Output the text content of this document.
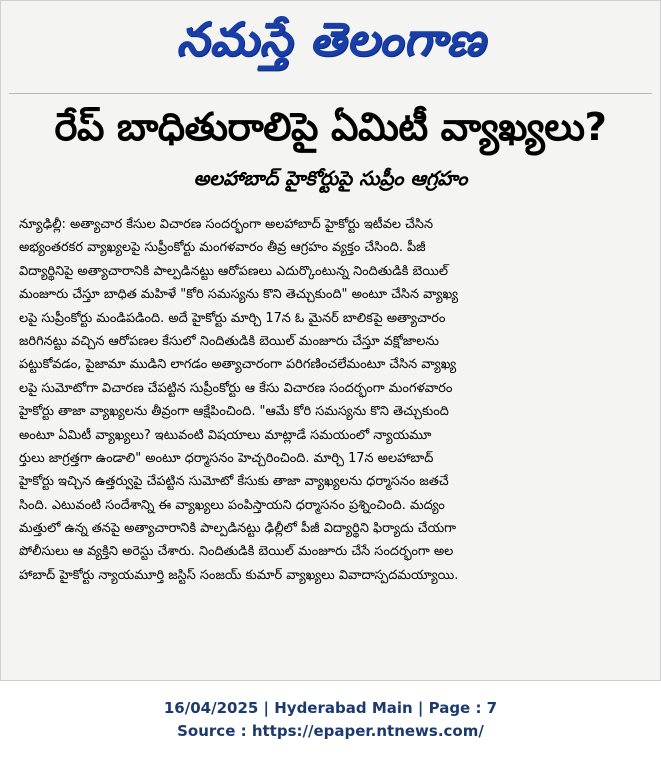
నమస్తే తెలంగాణ
రేప్ బాధితురాలిపై ఏమిటీ వ్యాఖ్యలు?
అలహాబాద్ హైకోర్టుపై సుప్రీం ఆగ్రహం
న్యూఢిల్లీ: అత్యాచార కేసుల విచారణ సందర్భంగా అలహాబాద్ హైకోర్టు ఇటీవల చేసిన
అభ్యంతరకర వ్యాఖ్యలపై సుప్రీంకోర్టు మంగళవారం తీవ్ర ఆగ్రహం వ్యక్తం చేసింది. పీజీ
విద్యార్థినిపై అత్యాచారానికి పాల్పడినట్టు ఆరోపణలు ఎదుర్కొంటున్న నిందితుడికి బెయిల్
మంజూరు చేస్తూ బాధిత మహిళే "కోరి సమస్యను కొని తెచ్చుకుంది" అంటూ చేసిన వ్యాఖ్య
లపై సుప్రీంకోర్టు మండిపడింది. అదే హైకోర్టు మార్చి 17న ఓ మైనర్ బాలికపై అత్యాచారం
జరిగినట్టు వచ్చిన ఆరోపణల కేసులో నిందితుడికి బెయిల్ మంజూరు చేస్తూ వక్షోజాలను
పట్టుకోవడం, పైజామా ముడిని లాగడం అత్యాచారంగా పరిగణించలేమంటూ చేసిన వ్యాఖ్య
లపై సుమోటోగా విచారణ చేపట్టిన సుప్రీంకోర్టు ఆ కేసు విచారణ సందర్భంగా మంగళవారం
హైకోర్టు తాజా వ్యాఖ్యలను తీవ్రంగా ఆక్షేపించింది. "ఆమే కోరి సమస్యను కొని తెచ్చుకుంది
అంటూ ఏమిటీ వ్యాఖ్యలు? ఇటువంటి విషయాలు మాట్లాడే సమయంలో న్యాయమూ
ర్తులు జాగ్రత్తగా ఉండాలి" అంటూ ధర్మాసనం హెచ్చరించింది. మార్చి 17న అలహాబాద్
హైకోర్టు ఇచ్చిన ఉత్తర్వుపై చేపట్టిన సుమోటో కేసుకు తాజా వ్యాఖ్యలను ధర్మాసనం జతచే
సింది. ఎటువంటి సందేశాన్ని ఈ వ్యాఖ్యలు పంపిస్తాయని ధర్మాసనం ప్రశ్నించింది. మద్యం
మత్తులో ఉన్న తనపై అత్యాచారానికి పాల్పడినట్టు ఢిల్లీలో పీజీ విద్యార్థిని ఫిర్యాదు చేయగా
పోలీసులు ఆ వ్యక్తిని అరెస్టు చేశారు. నిందితుడికి బెయిల్ మంజూరు చేసే సందర్భంగా అల
హాబాద్ హైకోర్టు న్యాయమూర్తి జస్టిస్ సంజయ్ కుమార్ వ్యాఖ్యలు వివాదాస్పదమయ్యాయి.
16/04/2025 | Hyderabad Main | Page : 7
Source : https://epaper.ntnews.com/
